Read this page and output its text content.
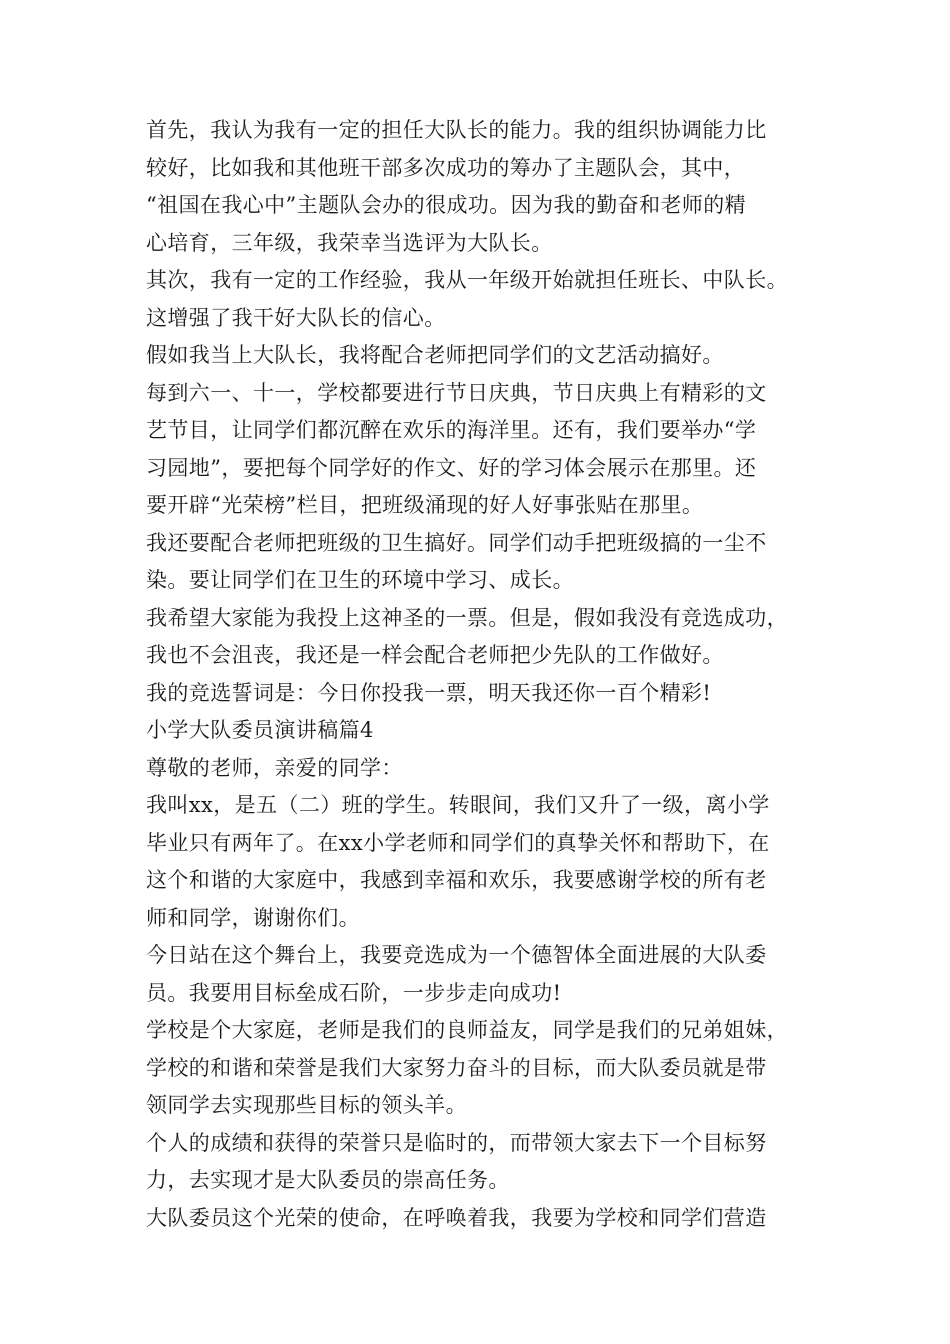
首先，我认为我有一定的担任大队长的能力。我的组织协调能力比
较好，比如我和其他班干部多次成功的筹办了主题队会，其中，
“祖国在我心中”主题队会办的很成功。因为我的勤奋和老师的精
心培育，三年级，我荣幸当选评为大队长。
其次，我有一定的工作经验，我从一年级开始就担任班长、中队长。
这增强了我干好大队长的信心。
假如我当上大队长，我将配合老师把同学们的文艺活动搞好。
每到六一、十一，学校都要进行节日庆典，节日庆典上有精彩的文
艺节目，让同学们都沉醉在欢乐的海洋里。还有，我们要举办“学
习园地”，要把每个同学好的作文、好的学习体会展示在那里。还
要开辟“光荣榜”栏目，把班级涌现的好人好事张贴在那里。
我还要配合老师把班级的卫生搞好。同学们动手把班级搞的一尘不
染。要让同学们在卫生的环境中学习、成长。
我希望大家能为我投上这神圣的一票。但是，假如我没有竞选成功，
我也不会沮丧，我还是一样会配合老师把少先队的工作做好。
我的竞选誓词是：今日你投我一票，明天我还你一百个精彩!
小学大队委员演讲稿篇4
尊敬的老师，亲爱的同学：
我叫xx，是五（二）班的学生。转眼间，我们又升了一级，离小学
毕业只有两年了。在xx小学老师和同学们的真挚关怀和帮助下，在
这个和谐的大家庭中，我感到幸福和欢乐，我要感谢学校的所有老
师和同学，谢谢你们。
今日站在这个舞台上，我要竞选成为一个德智体全面进展的大队委
员。我要用目标垒成石阶，一步步走向成功!
学校是个大家庭，老师是我们的良师益友，同学是我们的兄弟姐妹，
学校的和谐和荣誉是我们大家努力奋斗的目标，而大队委员就是带
领同学去实现那些目标的领头羊。
个人的成绩和获得的荣誉只是临时的，而带领大家去下一个目标努
力，去实现才是大队委员的崇高任务。
大队委员这个光荣的使命，在呼唤着我，我要为学校和同学们营造
